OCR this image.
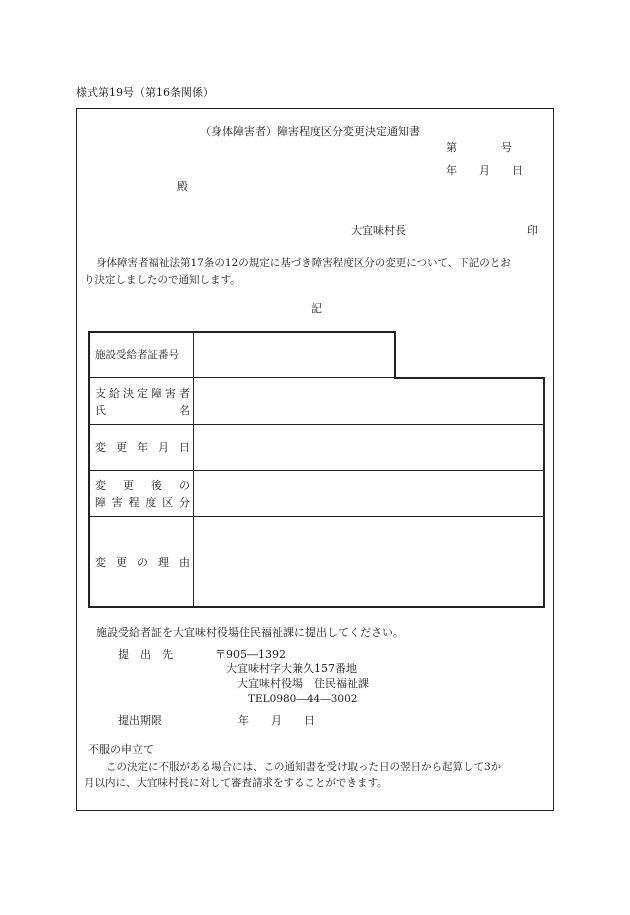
様式第19号（第16条関係）
（身体障害者）障害程度区分変更決定通知書
第　　　　号
年　　月　　日
殿
大宜味村長	印
身体障害者福祉法第17条の12の規定に基づき障害程度区分の変更について、下記のとお
り決定しましたので通知します。
記
施設受給者証番号
支 給 決 定 障 害 者
氏	名
変 更 年 月 日
変 更 後 の
障 害 程 度 区 分
変 更 の 理 由
施設受給者証を大宜味村役場住民福祉課に提出してください。
提　出　先	〒905―1392
大宜味村字大兼久157番地
大宜味村役場　住民福祉課
TEL0980―44―3002
提出期限	年　　月　　日
不服の申立て
この決定に不服がある場合には、この通知書を受け取った日の翌日から起算して3か
月以内に、大宜味村長に対して審査請求をすることができます。
